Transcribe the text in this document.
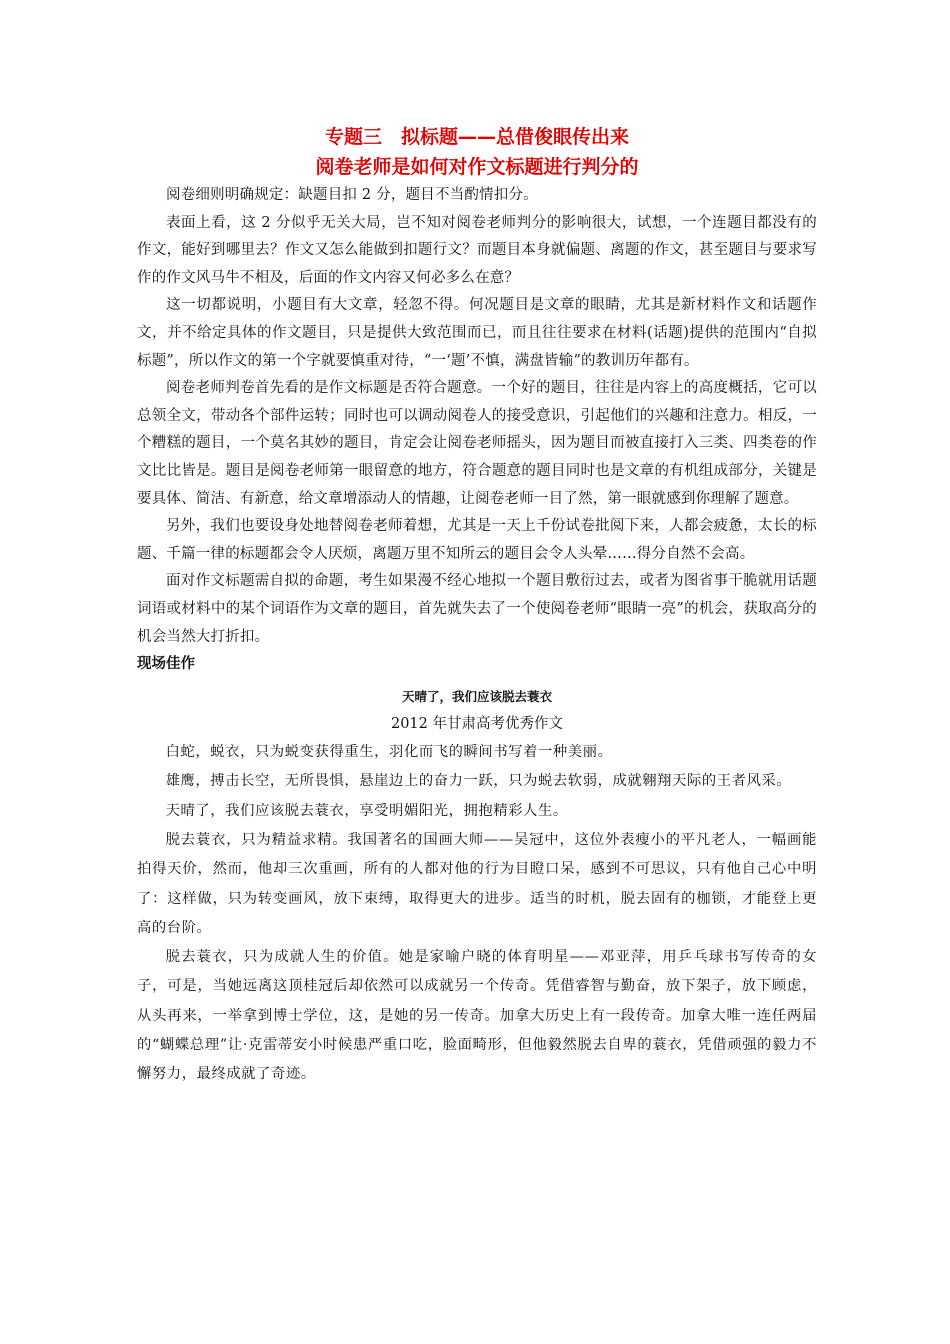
专题三　拟标题——总借俊眼传出来
阅卷老师是如何对作文标题进行判分的

阅卷细则明确规定：缺题目扣 2 分，题目不当酌情扣分。

表面上看，这 2 分似乎无关大局，岂不知对阅卷老师判分的影响很大，试想，一个连题目都没有的作文，能好到哪里去？作文又怎么能做到扣题行文？而题目本身就偏题、离题的作文，甚至题目与要求写作的作文风马牛不相及，后面的作文内容又何必多么在意？

这一切都说明，小题目有大文章，轻忽不得。何况题目是文章的眼睛，尤其是新材料作文和话题作文，并不给定具体的作文题目，只是提供大致范围而已，而且往往要求在材料(话题)提供的范围内“自拟标题”，所以作文的第一个字就要慎重对待，“一‘题’不慎，满盘皆输”的教训历年都有。

阅卷老师判卷首先看的是作文标题是否符合题意。一个好的题目，往往是内容上的高度概括，它可以总领全文，带动各个部件运转；同时也可以调动阅卷人的接受意识，引起他们的兴趣和注意力。相反，一个糟糕的题目，一个莫名其妙的题目，肯定会让阅卷老师摇头，因为题目而被直接打入三类、四类卷的作文比比皆是。题目是阅卷老师第一眼留意的地方，符合题意的题目同时也是文章的有机组成部分，关键是要具体、简洁、有新意，给文章增添动人的情趣，让阅卷老师一目了然，第一眼就感到你理解了题意。

另外，我们也要设身处地替阅卷老师着想，尤其是一天上千份试卷批阅下来，人都会疲惫，太长的标题、千篇一律的标题都会令人厌烦，离题万里不知所云的题目会令人头晕……得分自然不会高。

面对作文标题需自拟的命题，考生如果漫不经心地拟一个题目敷衍过去，或者为图省事干脆就用话题词语或材料中的某个词语作为文章的题目，首先就失去了一个使阅卷老师“眼睛一亮”的机会，获取高分的机会当然大打折扣。

现场佳作
天晴了，我们应该脱去蓑衣
2012 年甘肃高考优秀作文

白蛇，蜕衣，只为蜕变获得重生，羽化而飞的瞬间书写着一种美丽。

雄鹰，搏击长空，无所畏惧，悬崖边上的奋力一跃，只为蜕去软弱，成就翱翔天际的王者风采。

天晴了，我们应该脱去蓑衣，享受明媚阳光，拥抱精彩人生。

脱去蓑衣，只为精益求精。我国著名的国画大师——吴冠中，这位外表瘦小的平凡老人，一幅画能拍得天价，然而，他却三次重画，所有的人都对他的行为目瞪口呆，感到不可思议，只有他自己心中明了：这样做，只为转变画风，放下束缚，取得更大的进步。适当的时机，脱去固有的枷锁，才能登上更高的台阶。

脱去蓑衣，只为成就人生的价值。她是家喻户晓的体育明星——邓亚萍，用乒乓球书写传奇的女子，可是，当她远离这顶桂冠后却依然可以成就另一个传奇。凭借睿智与勤奋，放下架子，放下顾虑，从头再来，一举拿到博士学位，这，是她的另一传奇。加拿大历史上有一段传奇。加拿大唯一连任两届的“蝴蝶总理”让·克雷蒂安小时候患严重口吃，脸面畸形，但他毅然脱去自卑的蓑衣，凭借顽强的毅力不懈努力，最终成就了奇迹。
